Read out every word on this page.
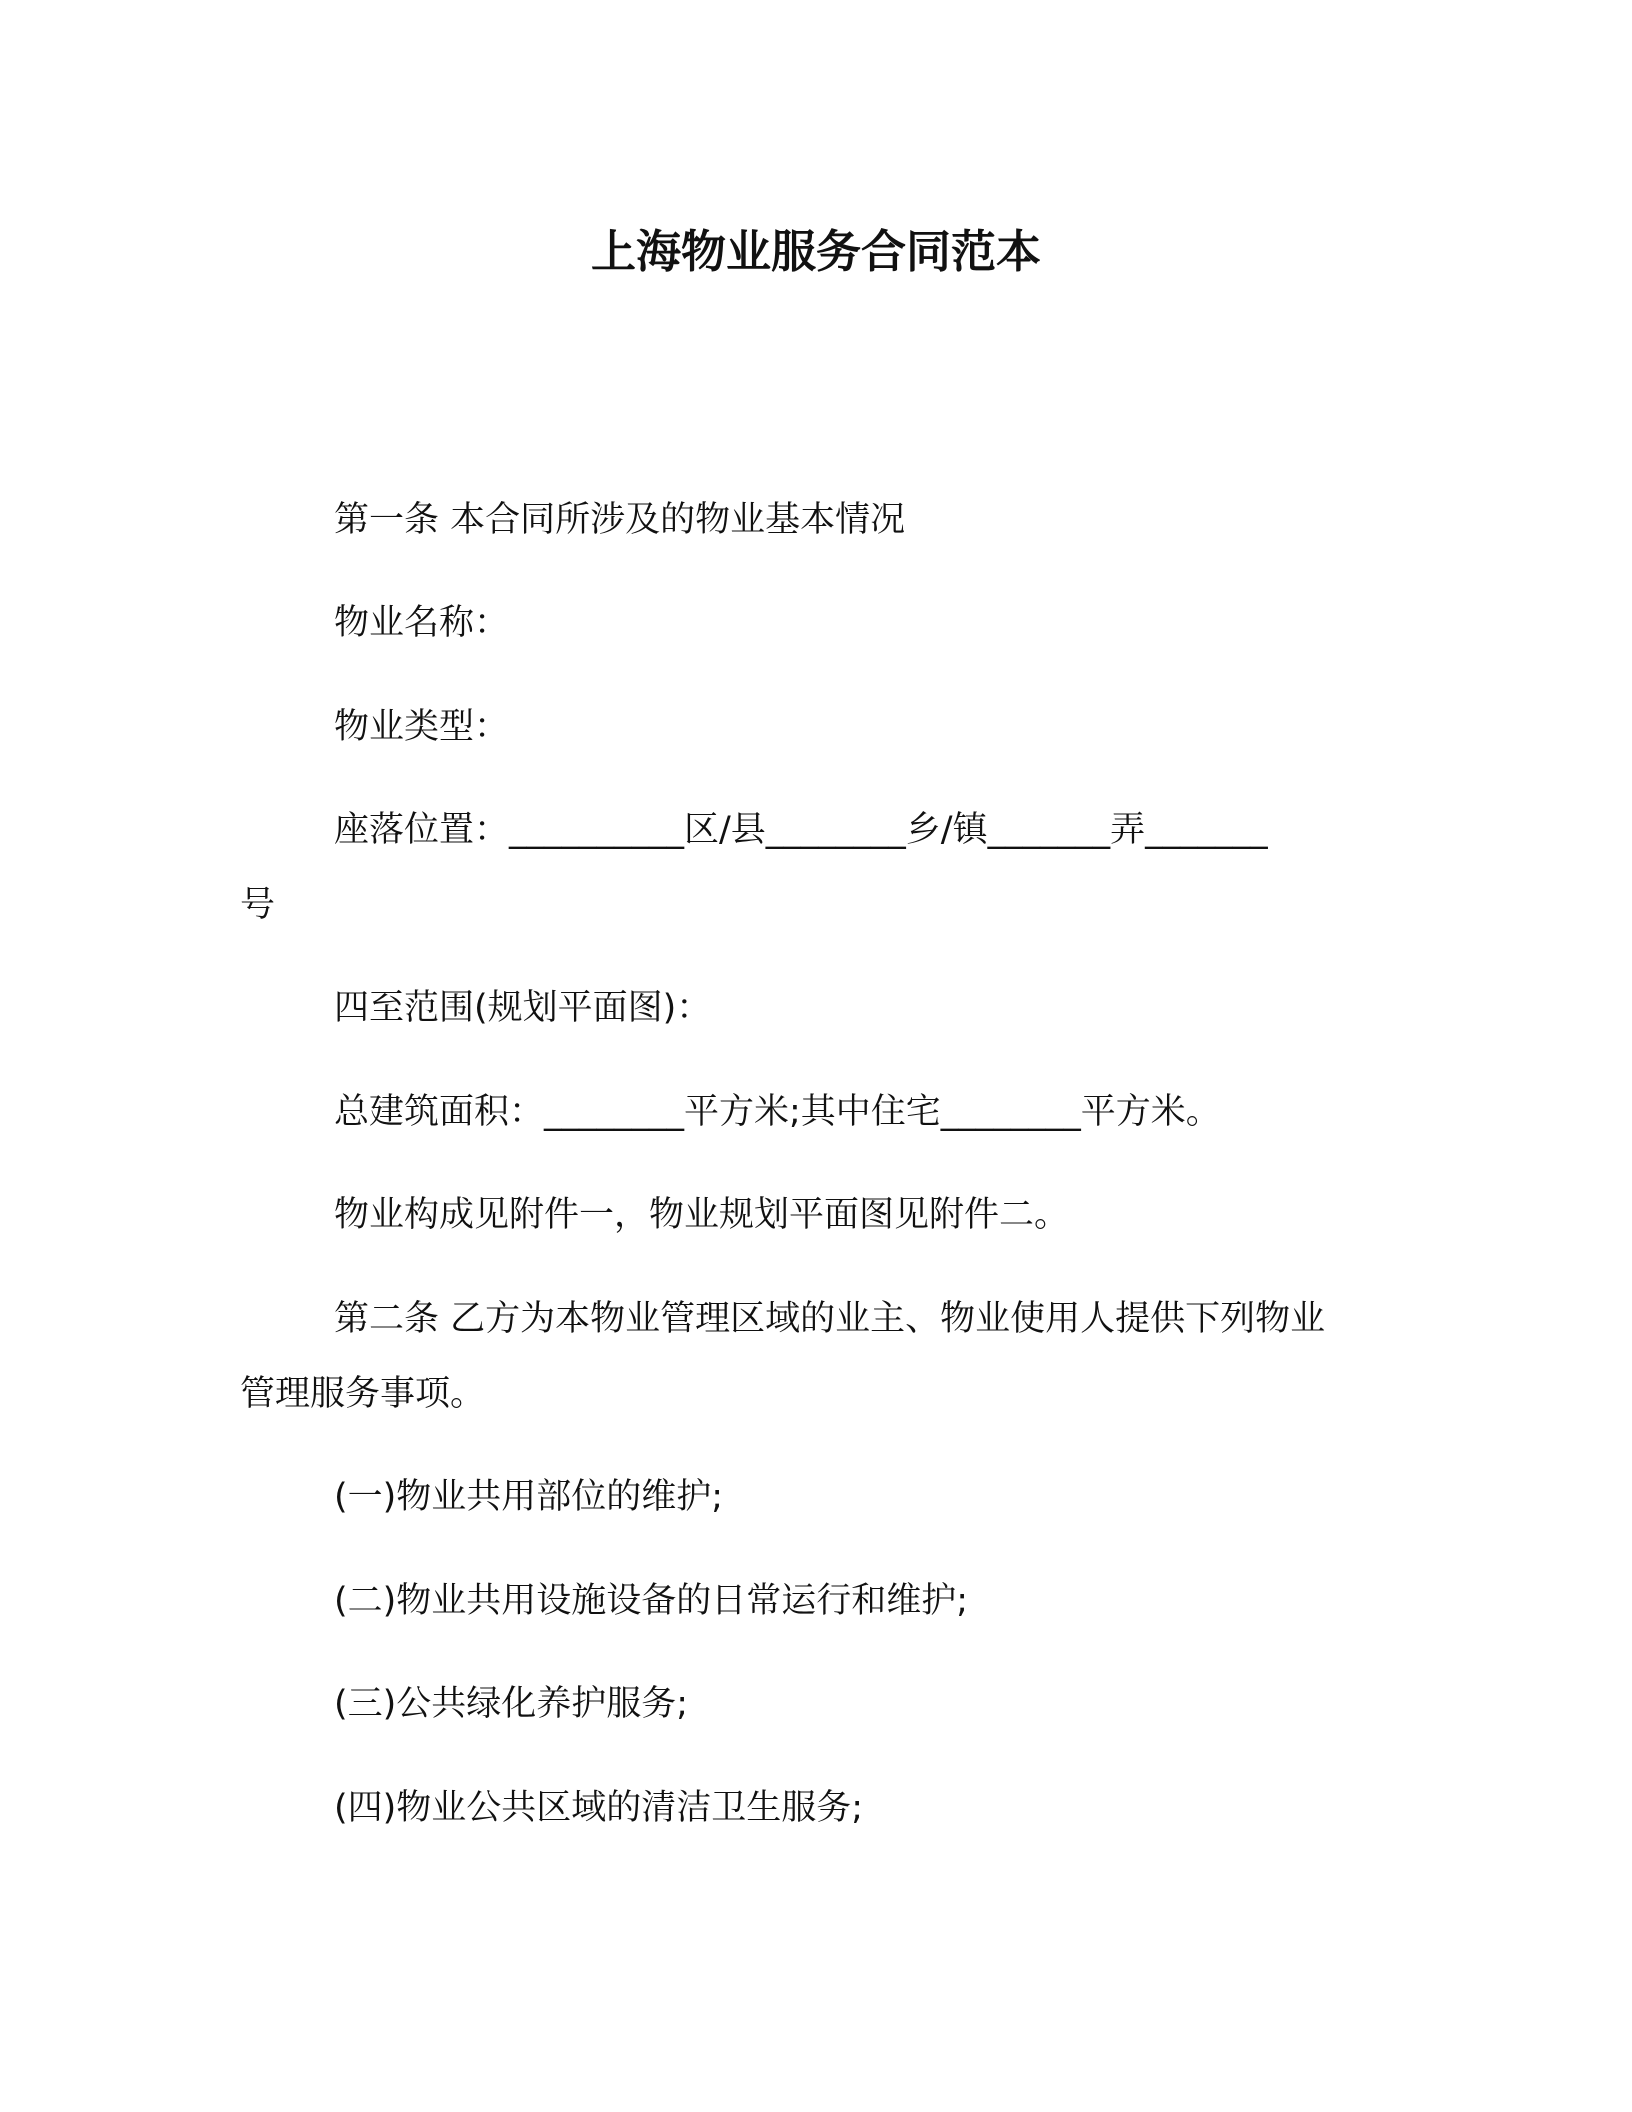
上海物业服务合同范本
第一条 本合同所涉及的物业基本情况
物业名称：
物业类型：
座落位置：__________区/县________乡/镇_______弄_______
号
四至范围(规划平面图)：
总建筑面积：________平方米;其中住宅________平方米。
物业构成见附件一，物业规划平面图见附件二。
第二条 乙方为本物业管理区域的业主、物业使用人提供下列物业
管理服务事项。
(一)物业共用部位的维护;
(二)物业共用设施设备的日常运行和维护;
(三)公共绿化养护服务;
(四)物业公共区域的清洁卫生服务;
